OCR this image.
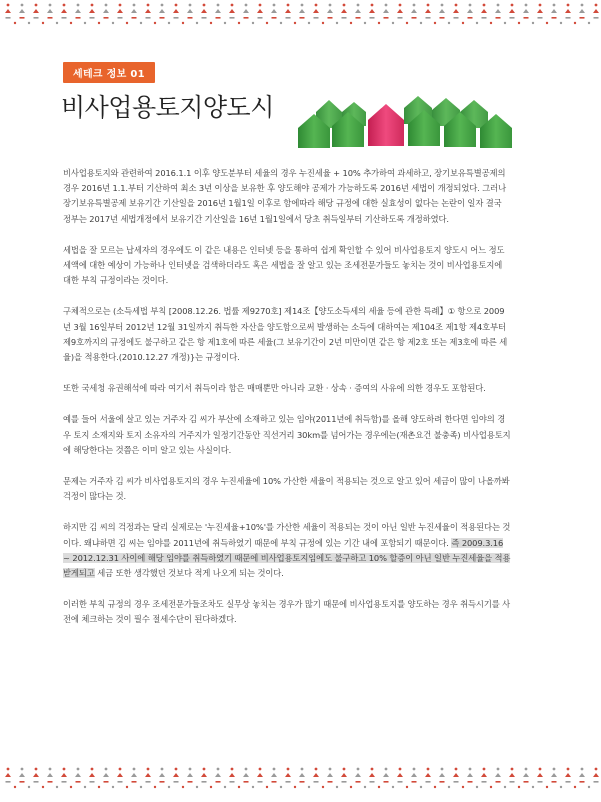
세테크 정보 01
비사업용토지양도시

비사업용토지와 관련하여 2016.1.1 이후 양도분부터 세율의 경우 누진세율 + 10% 추가하여 과세하고, 장기보유특별공제의 경우 2016년 1.1.부터 기산하여 최소 3년 이상을 보유한 후 양도해야 공제가 가능하도록 2016년 세법이 개정되었다. 그러나 장기보유특별공제 보유기간 기산일을 2016년 1월1일 이후로 함에따라 해당 규정에 대한 실효성이 없다는 논란이 일자 결국 정부는 2017년 세법개정에서 보유기간 기산일을 16년 1월1일에서 당초 취득일부터 기산하도록 개정하였다.

세법을 잘 모르는 납세자의 경우에도 이 같은 내용은 인터넷 등을 통하여 쉽게 확인할 수 있어 비사업용토지 양도시 어느 정도 세액에 대한 예상이 가능하나 인터넷을 검색하더라도 혹은 세법을 잘 알고 있는 조세전문가들도 놓치는 것이 비사업용토지에 대한 부칙 규정이라는 것이다.

구체적으로는 (소득세법 부칙 [2008.12.26. 법률 제9270호] 제14조【양도소득세의 세율 등에 관한 특례】① 항으로 2009년 3월 16일부터 2012년 12월 31일까지 취득한 자산을 양도함으로써 발생하는 소득에 대하여는 제104조 제1항 제4호부터 제9호까지의 규정에도 불구하고 같은 항 제1호에 따른 세율(그 보유기간이 2년 미만이면 같은 항 제2호 또는 제3호에 따른 세율)을 적용한다.(2010.12.27 개정)}는 규정이다.

또한 국세청 유권해석에 따라 여기서 취득이라 함은 매매뿐만 아니라 교환 · 상속 · 증여의 사유에 의한 경우도 포함된다.

예를 들어 서울에 살고 있는 거주자 김 씨가 부산에 소재하고 있는 임야(2011년에 취득함)를 올해 양도하려 한다면 임야의 경우 토지 소재지와 토지 소유자의 거주지가 일정기간동안 직선거리 30km를 넘어가는 경우에는(재촌요건 불충족) 비사업용토지에 해당한다는 것쯤은 이미 알고 있는 사실이다.

문제는 거주자 김 씨가 비사업용토지의 경우 누진세율에 10% 가산한 세율이 적용되는 것으로 알고 있어 세금이 많이 나올까봐 걱정이 많다는 것.

하지만 김 씨의 걱정과는 달리 실제로는 '누진세율+10%'를 가산한 세율이 적용되는 것이 아닌 일반 누진세율이 적용된다는 것이다. 왜냐하면 김 씨는 임야를 2011년에 취득하였기 때문에 부칙 규정에 있는 기간 내에 포함되기 때문이다. 즉 2009.3.16 ~ 2012.12.31 사이에 해당 임야를 취득하였기 때문에 비사업용토지임에도 불구하고 10% 할증이 아닌 일반 누진세율을 적용받게되고 세금 또한 생각했던 것보다 적게 나오게 되는 것이다.

이러한 부칙 규정의 경우 조세전문가들조차도 실무상 놓치는 경우가 많기 때문에 비사업용토지를 양도하는 경우 취득시기를 사전에 체크하는 것이 필수 절세수단이 된다하겠다.
